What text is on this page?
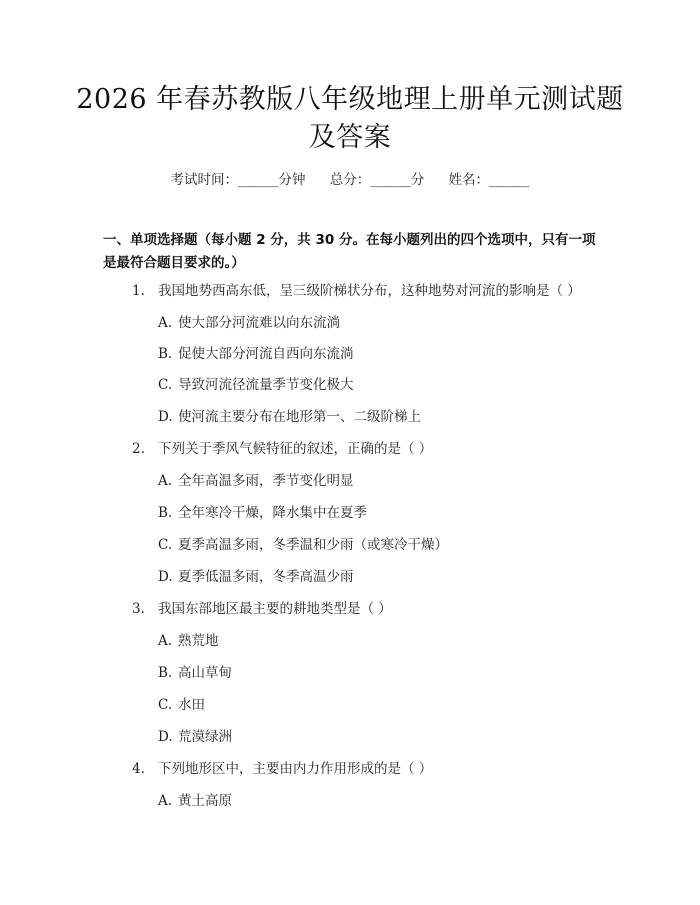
2026 年春苏教版八年级地理上册单元测试题
及答案
考试时间：______分钟 总分：______分 姓名：______
一、单项选择题（每小题 2 分，共 30 分。在每小题列出的四个选项中，只有一项
是最符合题目要求的。）
1. 我国地势西高东低，呈三级阶梯状分布，这种地势对河流的影响是（ ）
A. 使大部分河流难以向东流淌
B. 促使大部分河流自西向东流淌
C. 导致河流径流量季节变化极大
D. 使河流主要分布在地形第一、二级阶梯上
2. 下列关于季风气候特征的叙述，正确的是（ ）
A. 全年高温多雨，季节变化明显
B. 全年寒冷干燥，降水集中在夏季
C. 夏季高温多雨，冬季温和少雨（或寒冷干燥）
D. 夏季低温多雨，冬季高温少雨
3. 我国东部地区最主要的耕地类型是（ ）
A. 熟荒地
B. 高山草甸
C. 水田
D. 荒漠绿洲
4. 下列地形区中，主要由内力作用形成的是（ ）
A. 黄土高原
